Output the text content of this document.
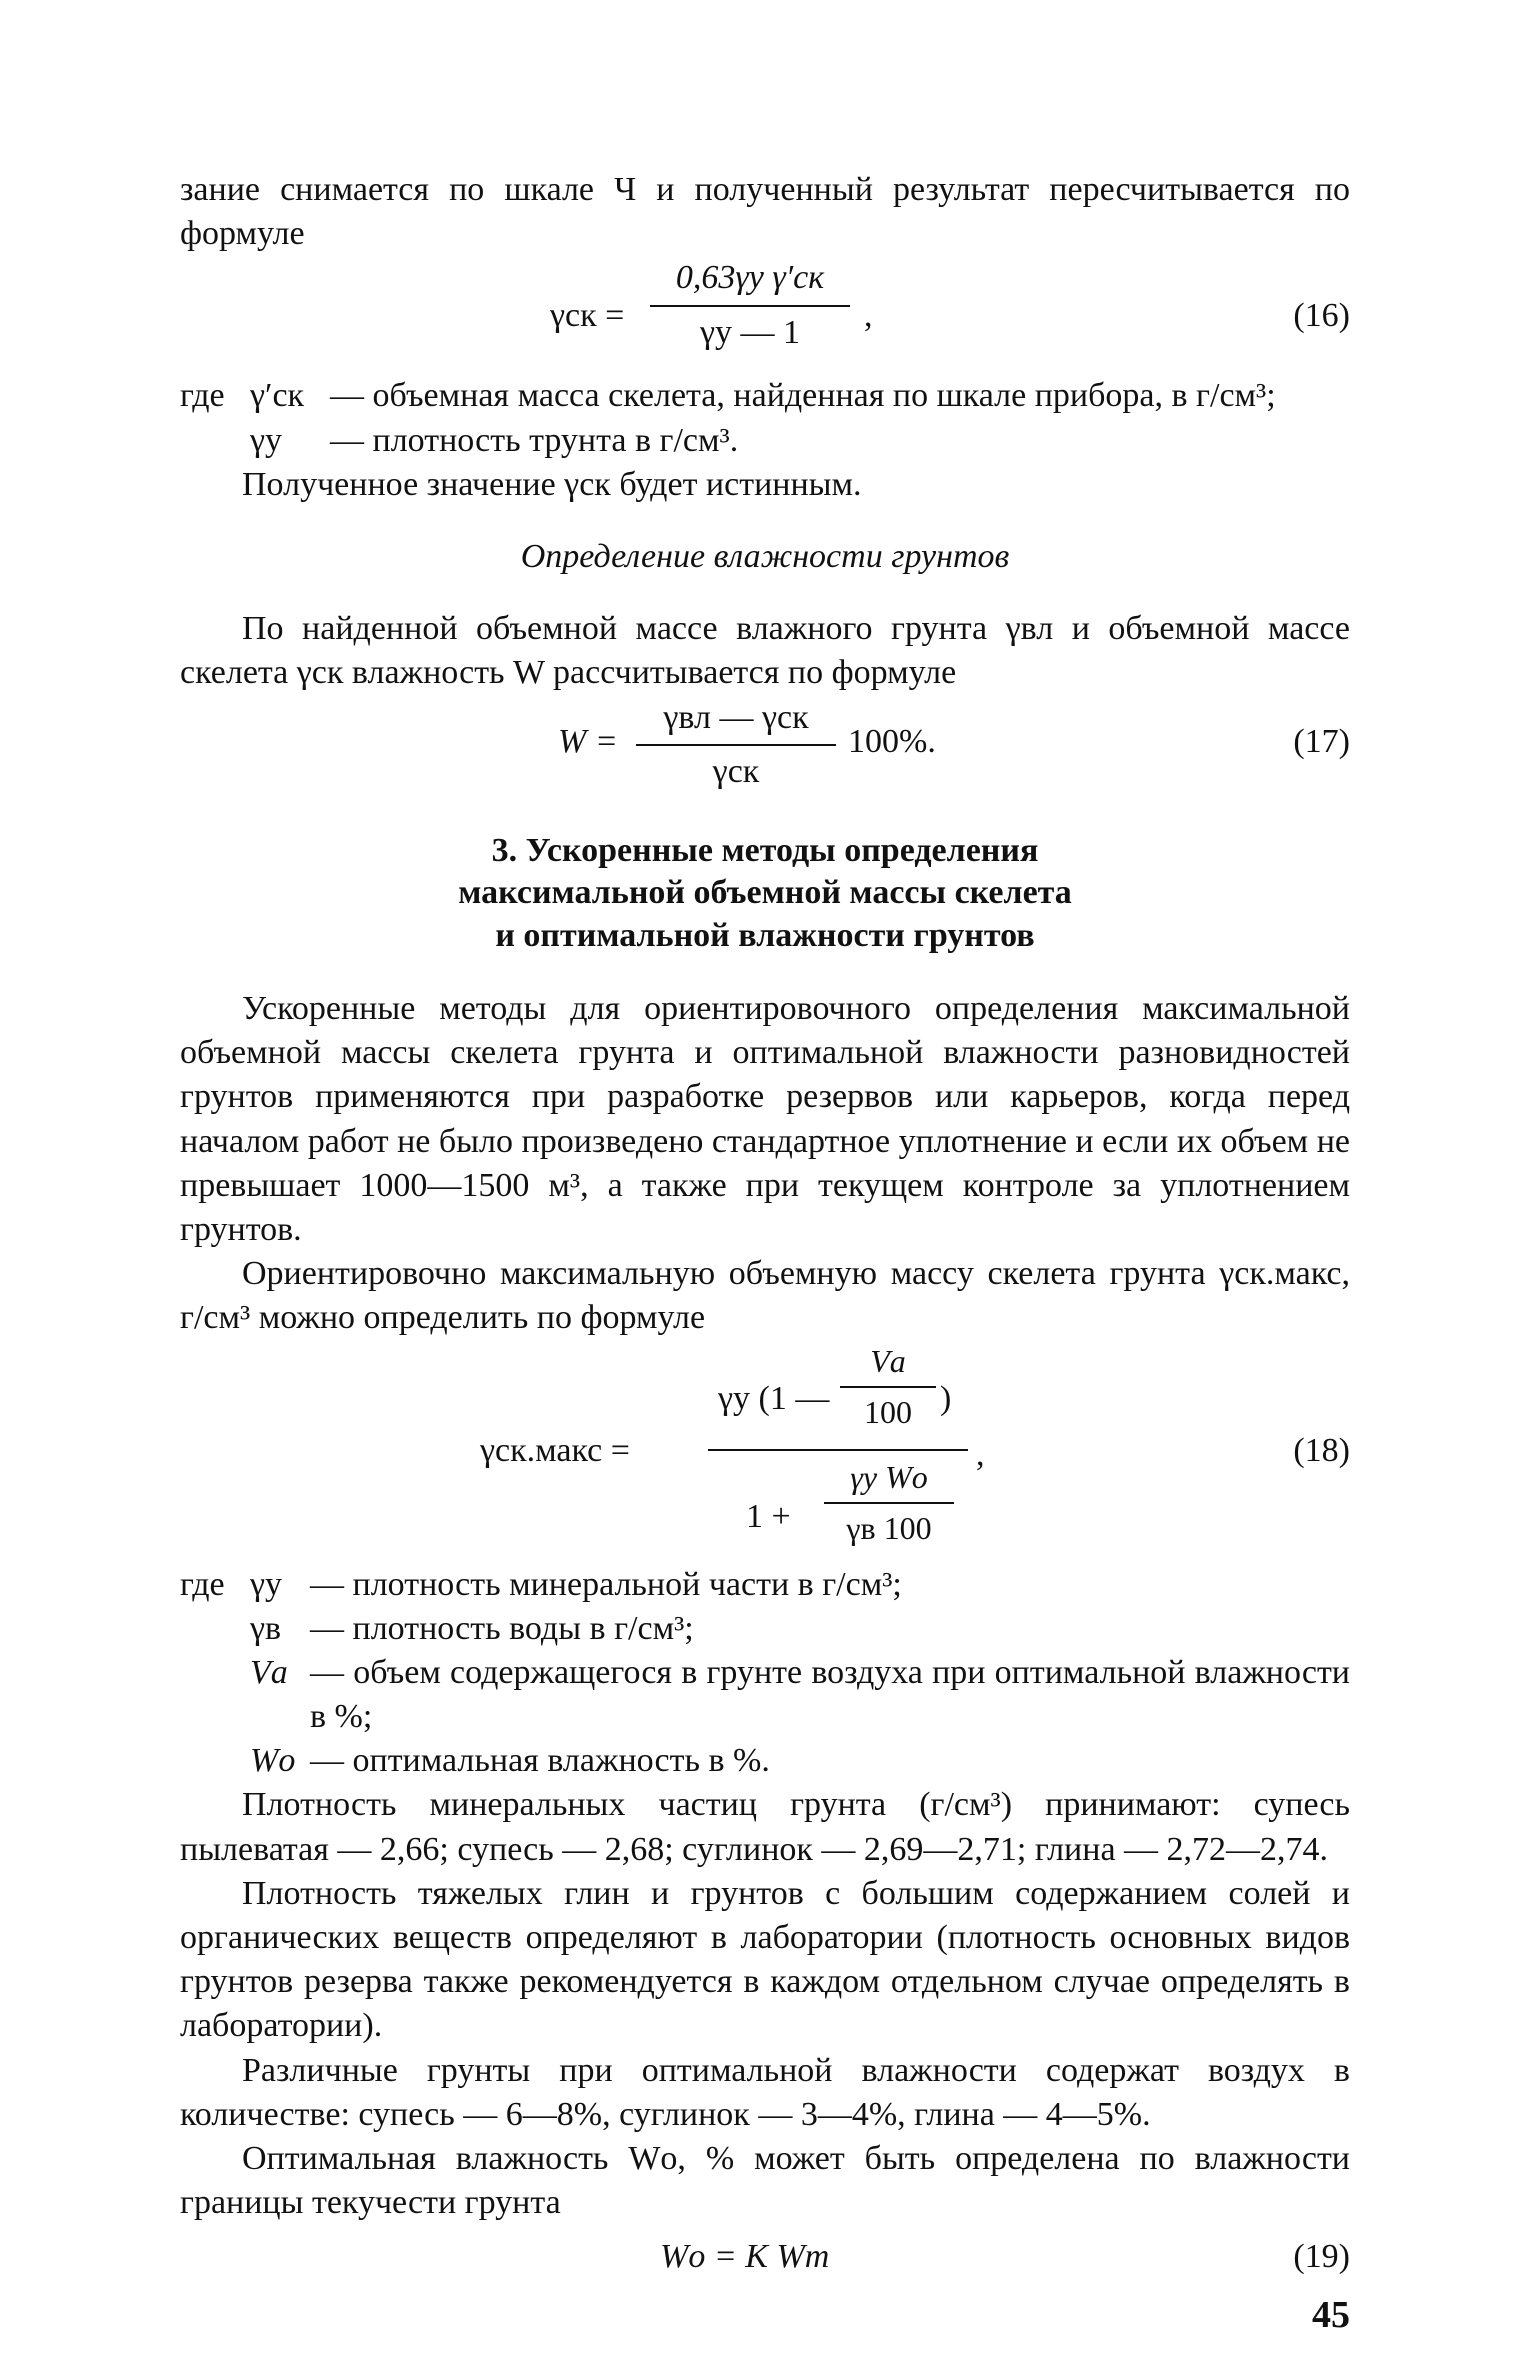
зание снимается по шкале Ч и полученный результат пересчитывается по формуле

γск =
0,63γу γ′ск
γу — 1	,	(16)
где γ′ск — объемная масса скелета, найденная по шкале прибора, в г/см³;
γу	— плотность трунта в г/см³.

Полученное значение γск будет истинным.

Определение влажности грунтов

По найденной объемной массе влажного грунта γвл и объемной массе скелета γск влажность W рассчитывается по формуле

W =
γвл — γск
γск
100%.	(17)
3. Ускоренные методы определения
максимальной объемной массы скелета
и оптимальной влажности грунтов

Ускоренные методы для ориентировочного определения максимальной объемной массы скелета грунта и оптимальной влажности разновидностей грунтов применяются при разработке резервов или карьеров, когда перед началом работ не было произведено стандартное уплотнение и если их объем не превышает 1000—1500 м³, а также при текущем контроле за уплотнением грунтов.

Ориентировочно максимальную объемную массу скелета грунта γск.макс, г/см³ можно определить по формуле

γск.макс =
γу (1 —
Vа
100 )
1 +
γу Wо
γв 100
,	(18)
где γу — плотность минеральной части в г/см³;
γв — плотность воды в г/см³;
Vа — объем содержащегося в грунте воздуха при оптимальной влажности в %;
Wо — оптимальная влажность в %.

Плотность минеральных частиц грунта (г/см³) принимают: супесь пылеватая — 2,66; супесь — 2,68; суглинок — 2,69—2,71; глина — 2,72—2,74.

Плотность тяжелых глин и грунтов с большим содержанием солей и органических веществ определяют в лаборатории (плотность основных видов грунтов резерва также рекомендуется в каждом отдельном случае определять в лаборатории).

Различные грунты при оптимальной влажности содержат воздух в количестве: супесь — 6—8%, суглинок — 3—4%, глина — 4—5%.

Оптимальная влажность Wо, % может быть определена по влажности границы текучести грунта

Wо = K Wт	(19)
45
